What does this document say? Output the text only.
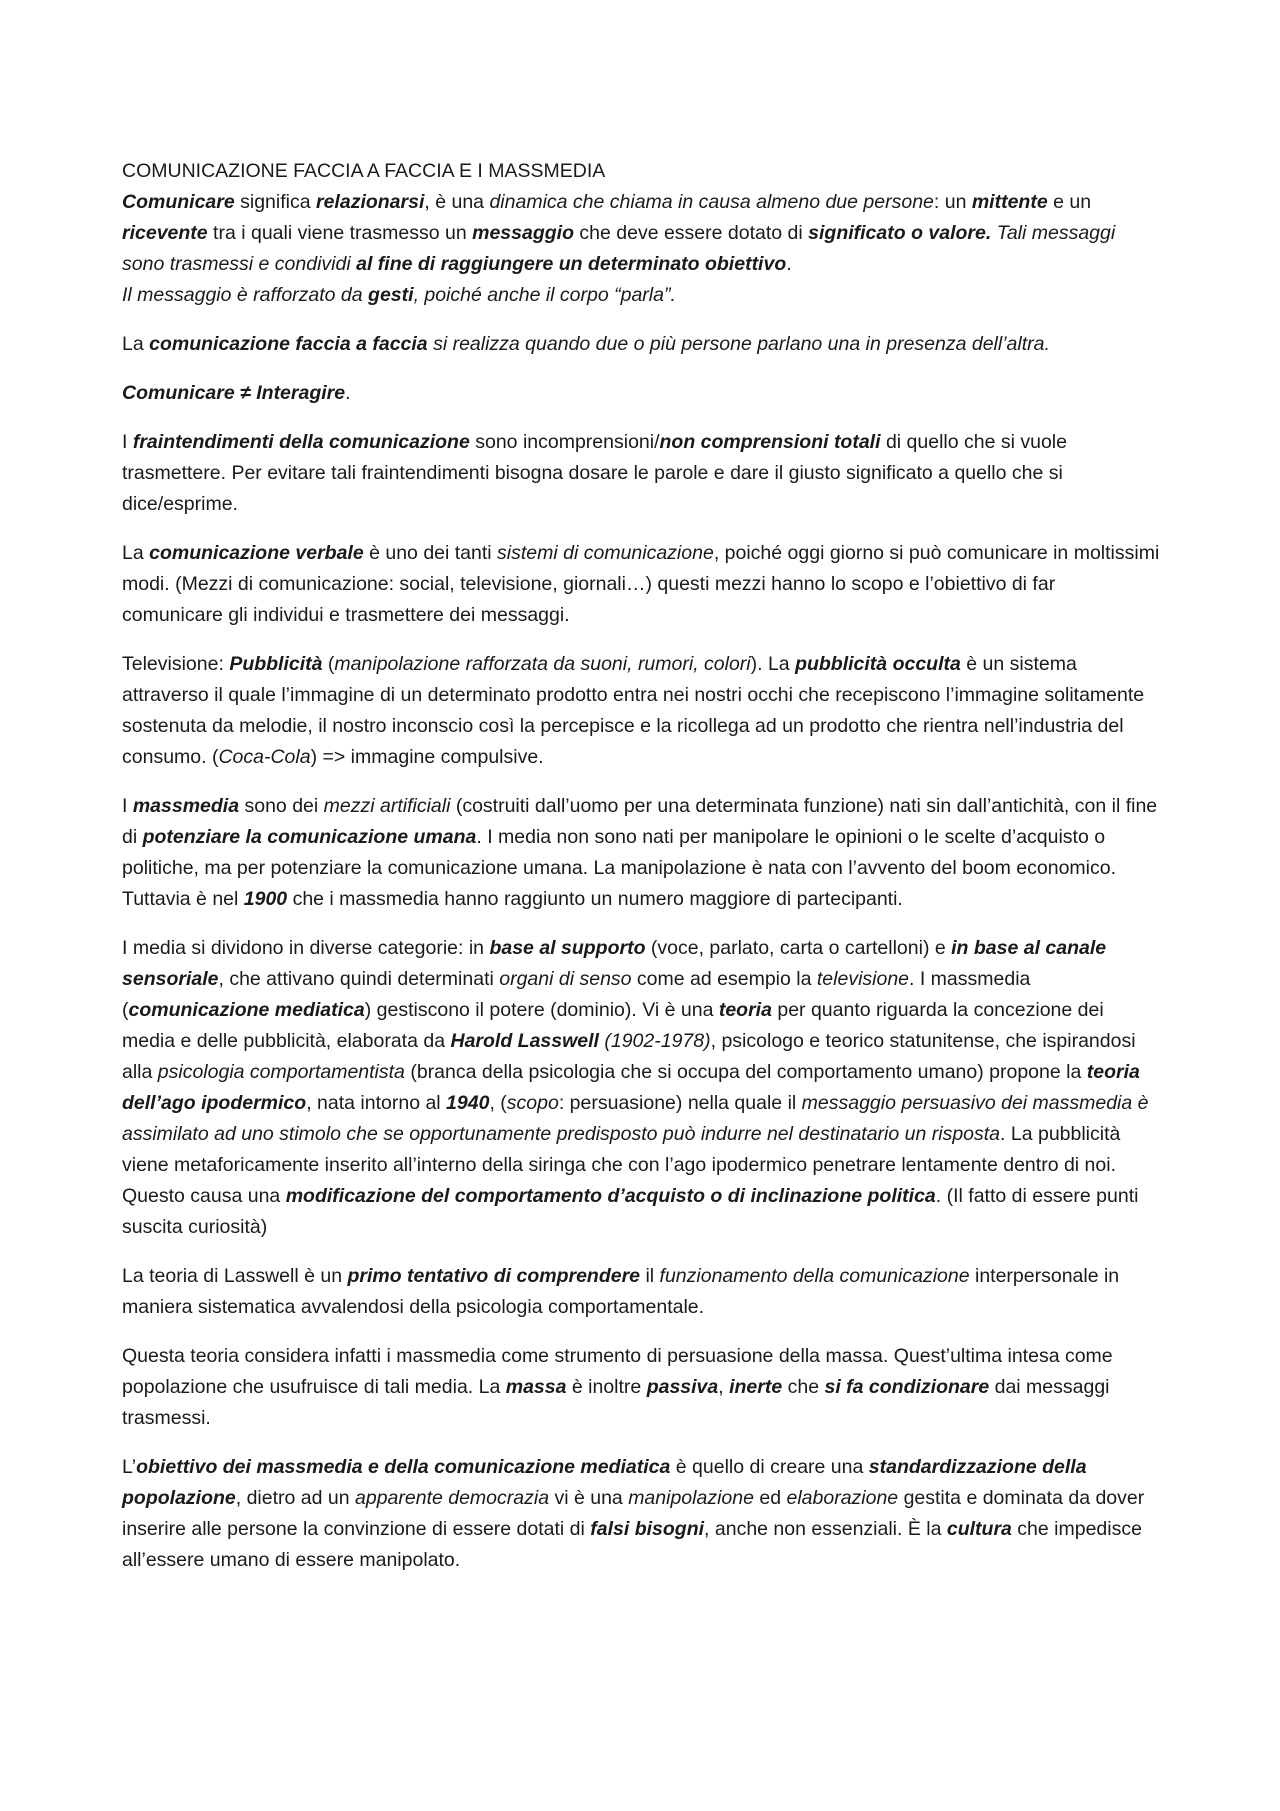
COMUNICAZIONE FACCIA A FACCIA E I MASSMEDIA

Comunicare significa relazionarsi, è una dinamica che chiama in causa almeno due persone: un mittente e un ricevente tra i quali viene trasmesso un messaggio che deve essere dotato di significato o valore. Tali messaggi sono trasmessi e condividi al fine di raggiungere un determinato obiettivo.

Il messaggio è rafforzato da gesti, poiché anche il corpo “parla”.

La comunicazione faccia a faccia si realizza quando due o più persone parlano una in presenza dell’altra.

Comunicare ≠ Interagire.

I fraintendimenti della comunicazione sono incomprensioni/non comprensioni totali di quello che si vuole trasmettere. Per evitare tali fraintendimenti bisogna dosare le parole e dare il giusto significato a quello che si dice/esprime.

La comunicazione verbale è uno dei tanti sistemi di comunicazione, poiché oggi giorno si può comunicare in moltissimi modi. (Mezzi di comunicazione: social, televisione, giornali…) questi mezzi hanno lo scopo e l’obiettivo di far comunicare gli individui e trasmettere dei messaggi.

Televisione: Pubblicità (manipolazione rafforzata da suoni, rumori, colori). La pubblicità occulta è un sistema attraverso il quale l’immagine di un determinato prodotto entra nei nostri occhi che recepiscono l’immagine solitamente sostenuta da melodie, il nostro inconscio così la percepisce e la ricollega ad un prodotto che rientra nell’industria del consumo. (Coca-Cola) => immagine compulsive.

I massmedia sono dei mezzi artificiali (costruiti dall’uomo per una determinata funzione) nati sin dall’antichità, con il fine di potenziare la comunicazione umana. I media non sono nati per manipolare le opinioni o le scelte d’acquisto o politiche, ma per potenziare la comunicazione umana. La manipolazione è nata con l’avvento del boom economico. Tuttavia è nel 1900 che i massmedia hanno raggiunto un numero maggiore di partecipanti.

I media si dividono in diverse categorie: in base al supporto (voce, parlato, carta o cartelloni) e in base al canale sensoriale, che attivano quindi determinati organi di senso come ad esempio la televisione. I massmedia (comunicazione mediatica) gestiscono il potere (dominio). Vi è una teoria per quanto riguarda la concezione dei media e delle pubblicità, elaborata da Harold Lasswell (1902-1978), psicologo e teorico statunitense, che ispirandosi alla psicologia comportamentista (branca della psicologia che si occupa del comportamento umano) propone la teoria dell’ago ipodermico, nata intorno al 1940, (scopo: persuasione) nella quale il messaggio persuasivo dei massmedia è assimilato ad uno stimolo che se opportunamente predisposto può indurre nel destinatario un risposta. La pubblicità viene metaforicamente inserito all’interno della siringa che con l’ago ipodermico penetrare lentamente dentro di noi. Questo causa una modificazione del comportamento d’acquisto o di inclinazione politica. (Il fatto di essere punti suscita curiosità)

La teoria di Lasswell è un primo tentativo di comprendere il funzionamento della comunicazione interpersonale in maniera sistematica avvalendosi della psicologia comportamentale.

Questa teoria considera infatti i massmedia come strumento di persuasione della massa. Quest’ultima intesa come popolazione che usufruisce di tali media. La massa è inoltre passiva, inerte che si fa condizionare dai messaggi trasmessi.

L’obiettivo dei massmedia e della comunicazione mediatica è quello di creare una standardizzazione della popolazione, dietro ad un apparente democrazia vi è una manipolazione ed elaborazione gestita e dominata da dover inserire alle persone la convinzione di essere dotati di falsi bisogni, anche non essenziali. È la cultura che impedisce all’essere umano di essere manipolato.
